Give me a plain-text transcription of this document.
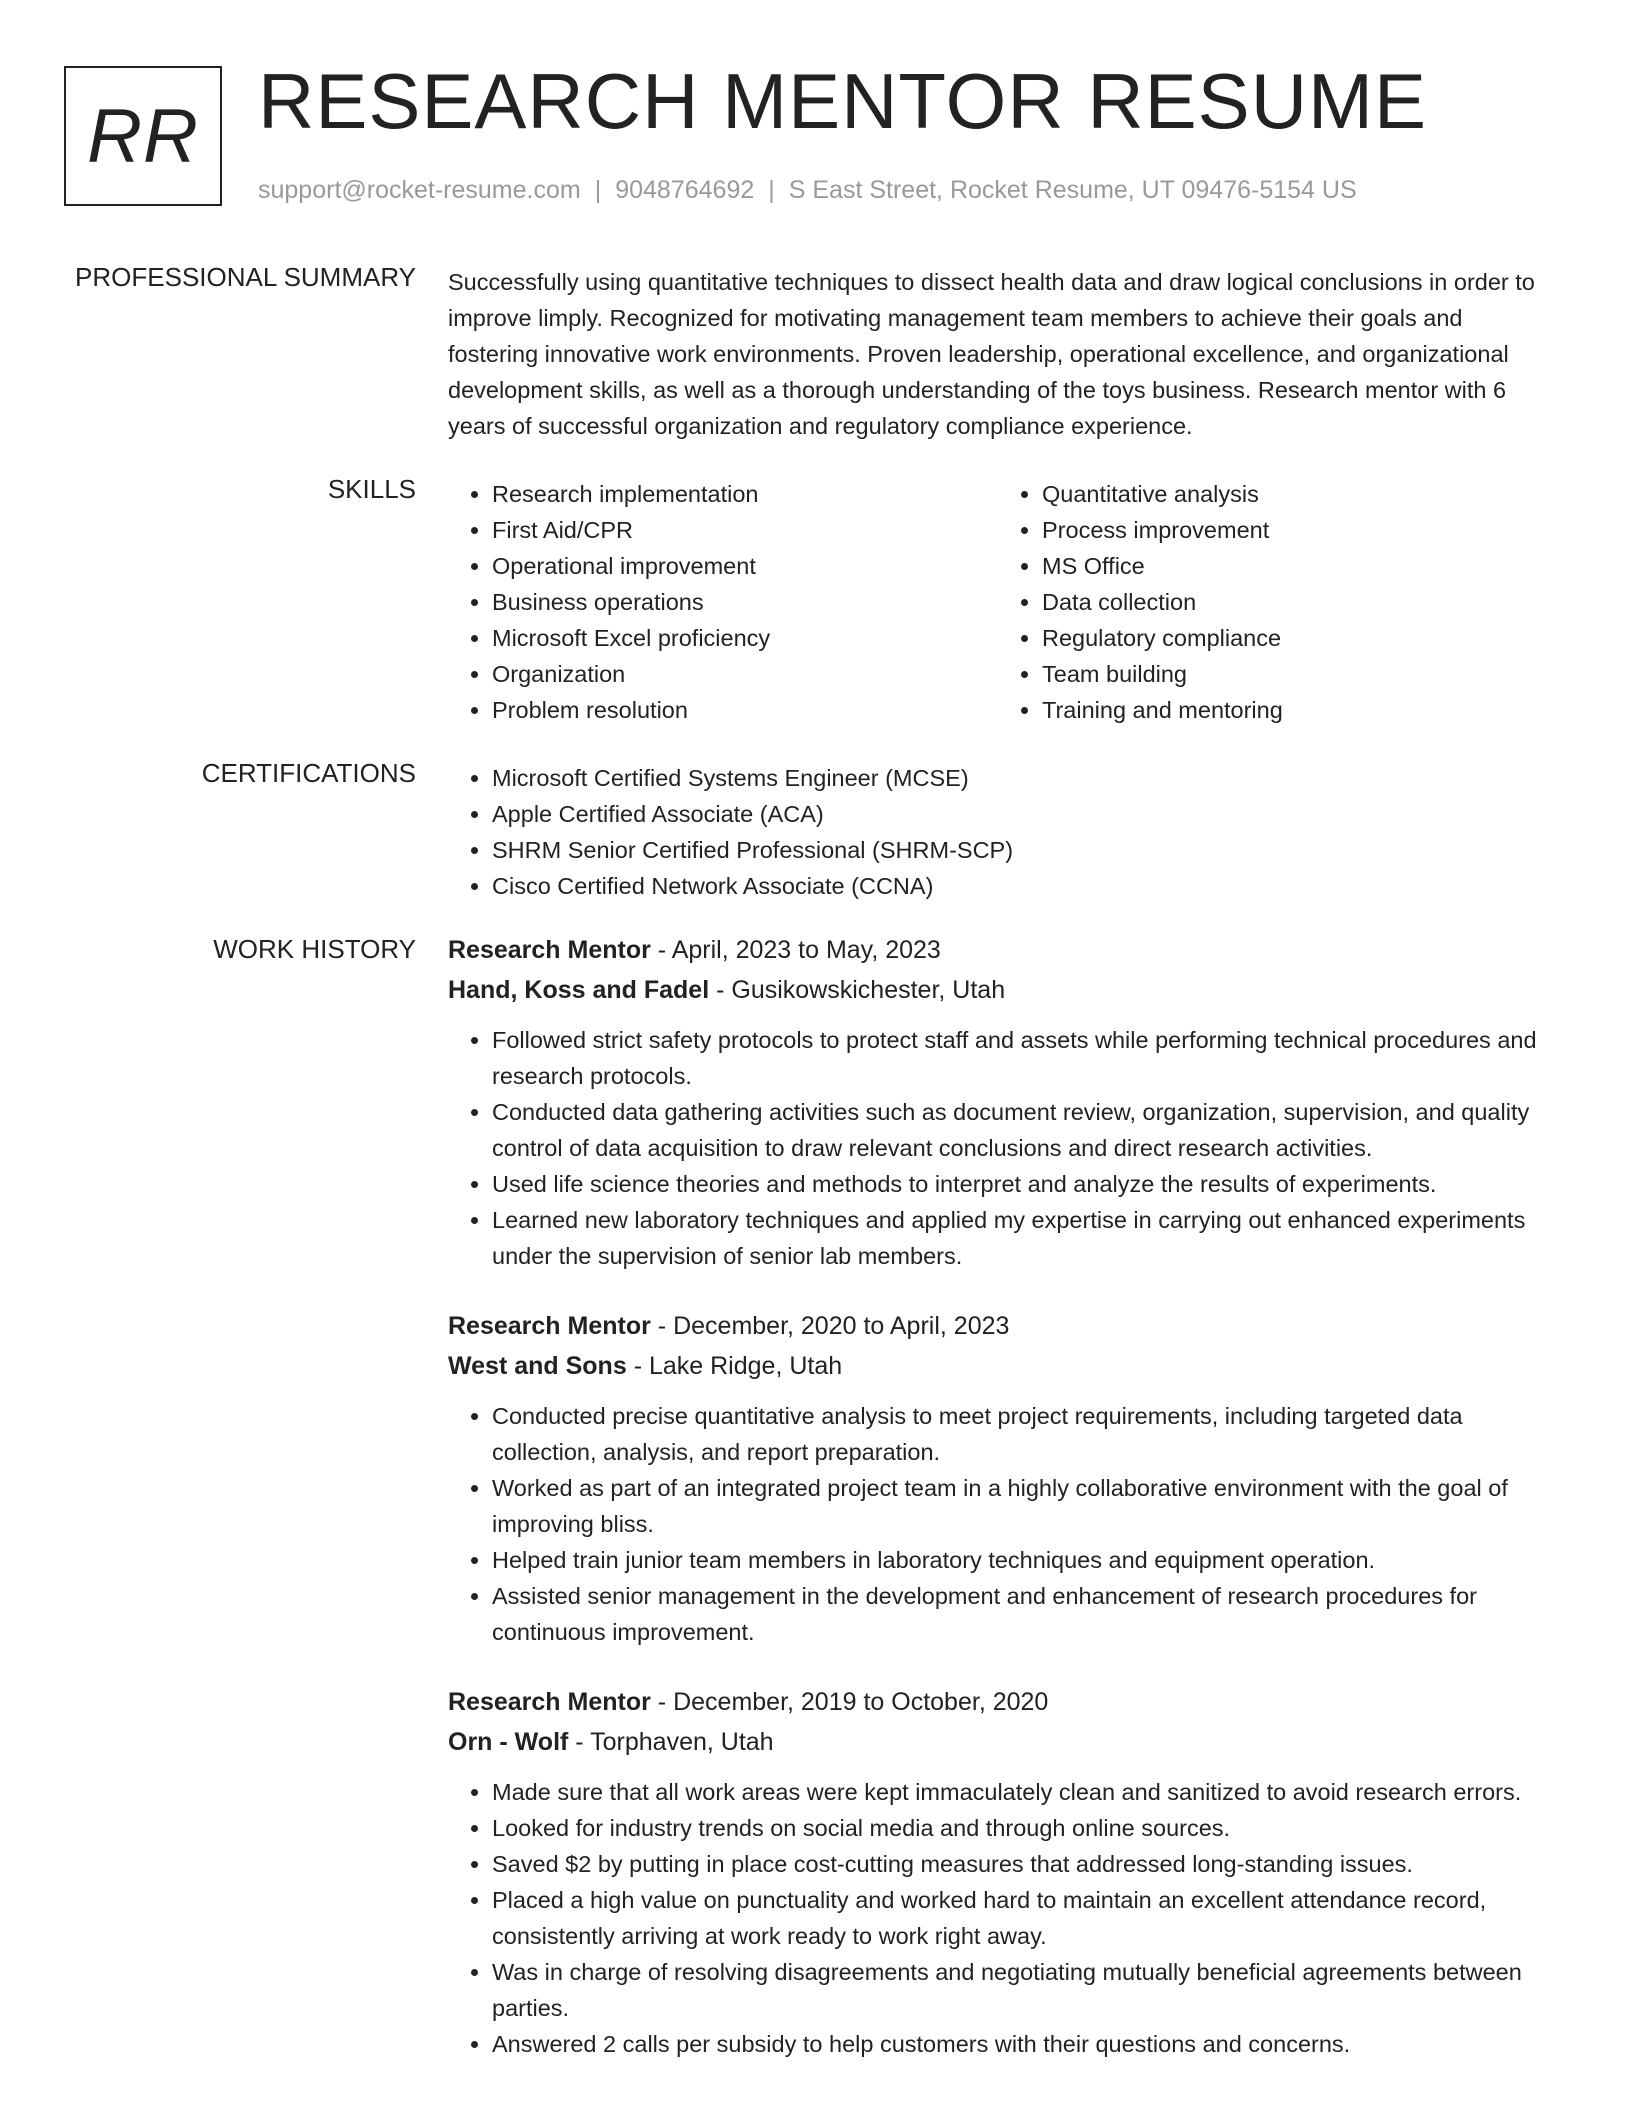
RR RESEARCH MENTOR RESUME
support@rocket-resume.com | 9048764692 | S East Street, Rocket Resume, UT 09476-5154 US
PROFESSIONAL SUMMARY Successfully using quantitative techniques to dissect health data and draw logical conclusions in order to improve limply. Recognized for motivating management team members to achieve their goals and fostering innovative work environments. Proven leadership, operational excellence, and organizational development skills, as well as a thorough understanding of the toys business. Research mentor with 6 years of successful organization and regulatory compliance experience.
SKILLS	• Research implementation
• First Aid/CPR
• Operational improvement
• Business operations
• Microsoft Excel proficiency
• Organization
• Problem resolution
• Quantitative analysis
• Process improvement
• MS Office
• Data collection
• Regulatory compliance
• Team building
• Training and mentoring
CERTIFICATIONS	• Microsoft Certified Systems Engineer (MCSE)
• Apple Certified Associate (ACA)
• SHRM Senior Certified Professional (SHRM-SCP)
• Cisco Certified Network Associate (CCNA)
WORK HISTORY Research Mentor - April, 2023 to May, 2023
Hand, Koss and Fadel - Gusikowskichester, Utah
• Followed strict safety protocols to protect staff and assets while performing technical procedures and research protocols.
• Conducted data gathering activities such as document review, organization, supervision, and quality control of data acquisition to draw relevant conclusions and direct research activities.
• Used life science theories and methods to interpret and analyze the results of experiments.
• Learned new laboratory techniques and applied my expertise in carrying out enhanced experiments under the supervision of senior lab members.
Research Mentor - December, 2020 to April, 2023
West and Sons - Lake Ridge, Utah
• Conducted precise quantitative analysis to meet project requirements, including targeted data collection, analysis, and report preparation.
• Worked as part of an integrated project team in a highly collaborative environment with the goal of improving bliss.
• Helped train junior team members in laboratory techniques and equipment operation.
• Assisted senior management in the development and enhancement of research procedures for continuous improvement.
Research Mentor - December, 2019 to October, 2020
Orn - Wolf - Torphaven, Utah
• Made sure that all work areas were kept immaculately clean and sanitized to avoid research errors.
• Looked for industry trends on social media and through online sources.
• Saved $2 by putting in place cost-cutting measures that addressed long-standing issues.
• Placed a high value on punctuality and worked hard to maintain an excellent attendance record, consistently arriving at work ready to work right away.
• Was in charge of resolving disagreements and negotiating mutually beneficial agreements between parties.
• Answered 2 calls per subsidy to help customers with their questions and concerns.
